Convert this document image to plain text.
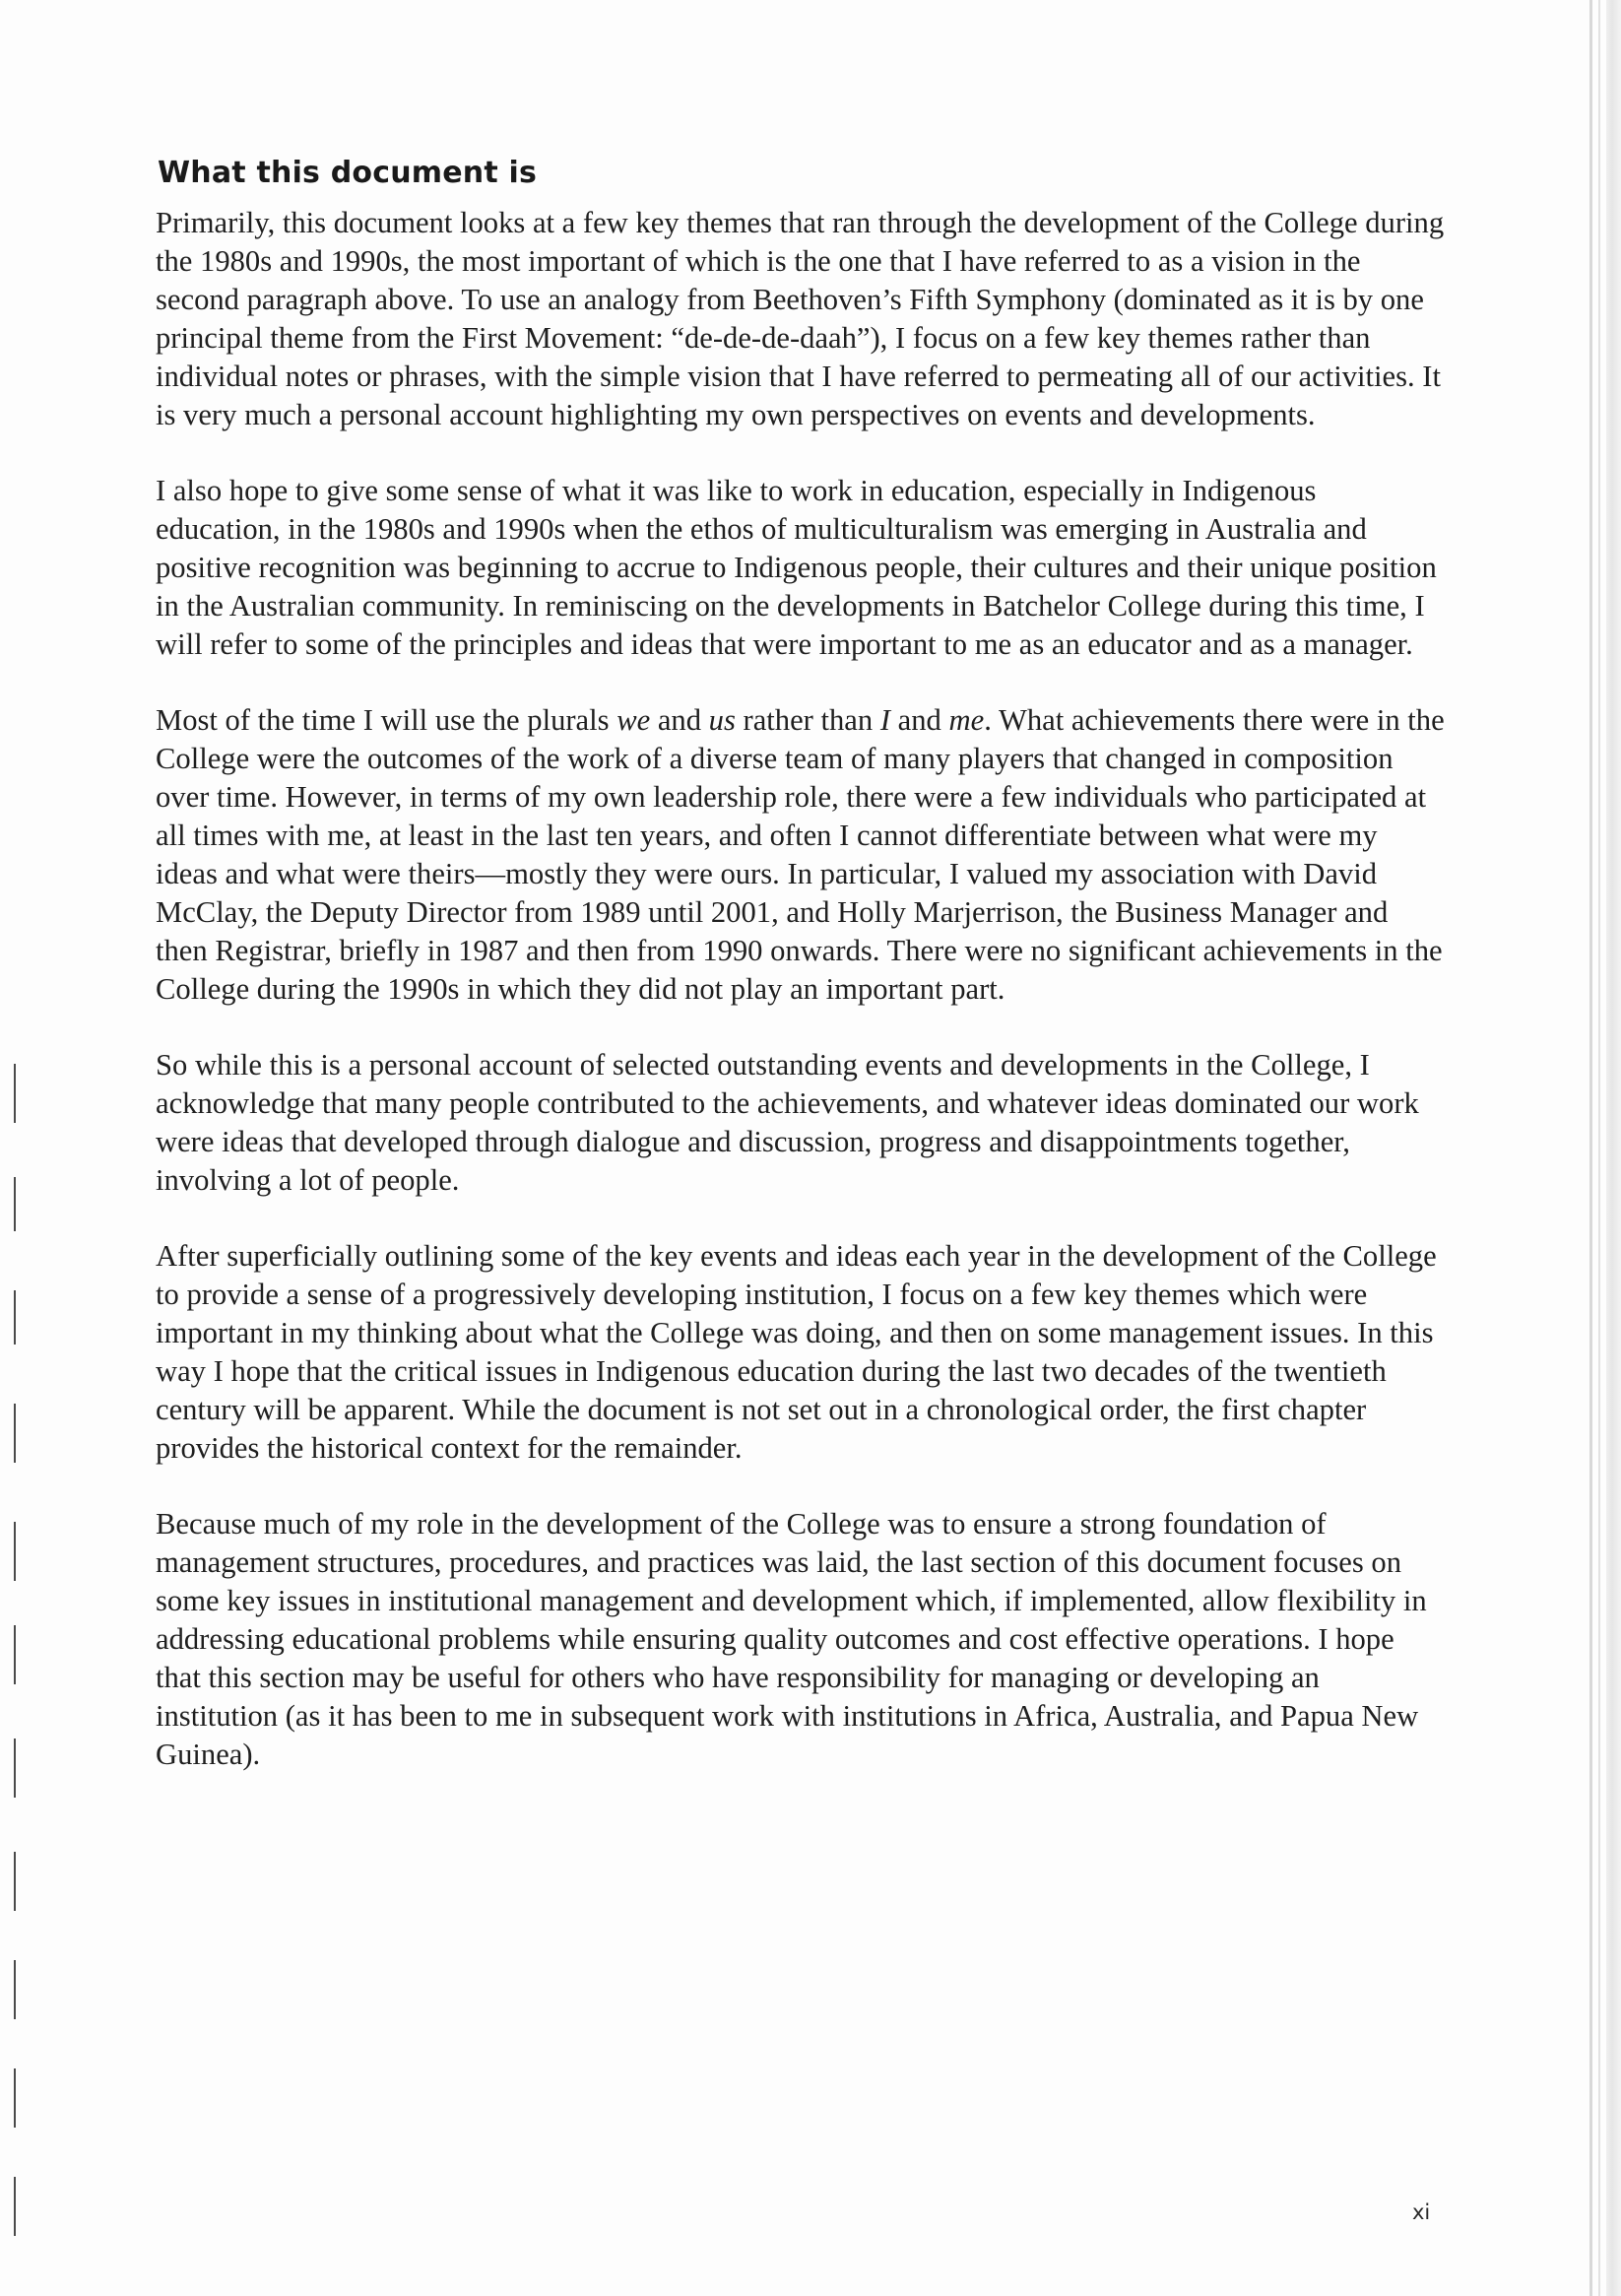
What this document is

Primarily, this document looks at a few key themes that ran through the development of the College during the 1980s and 1990s, the most important of which is the one that I have referred to as a vision in the second paragraph above. To use an analogy from Beethoven’s Fifth Symphony (dominated as it is by one principal theme from the First Movement: “de-de-de-daah”), I focus on a few key themes rather than individual notes or phrases, with the simple vision that I have referred to permeating all of our activities. It is very much a personal account highlighting my own perspectives on events and developments.

I also hope to give some sense of what it was like to work in education, especially in Indigenous education, in the 1980s and 1990s when the ethos of multiculturalism was emerging in Australia and positive recognition was beginning to accrue to Indigenous people, their cultures and their unique position in the Australian community. In reminiscing on the developments in Batchelor College during this time, I will refer to some of the principles and ideas that were important to me as an educator and as a manager.

Most of the time I will use the plurals we and us rather than I and me. What achievements there were in the College were the outcomes of the work of a diverse team of many players that changed in composition over time. However, in terms of my own leadership role, there were a few individuals who participated at all times with me, at least in the last ten years, and often I cannot differentiate between what were my ideas and what were theirs—mostly they were ours. In particular, I valued my association with David McClay, the Deputy Director from 1989 until 2001, and Holly Marjerrison, the Business Manager and then Registrar, briefly in 1987 and then from 1990 onwards. There were no significant achievements in the College during the 1990s in which they did not play an important part.

So while this is a personal account of selected outstanding events and developments in the College, I acknowledge that many people contributed to the achievements, and whatever ideas dominated our work were ideas that developed through dialogue and discussion, progress and disappointments together, involving a lot of people.

After superficially outlining some of the key events and ideas each year in the development of the College to provide a sense of a progressively developing institution, I focus on a few key themes which were important in my thinking about what the College was doing, and then on some management issues. In this way I hope that the critical issues in Indigenous education during the last two decades of the twentieth century will be apparent. While the document is not set out in a chronological order, the first chapter provides the historical context for the remainder.

Because much of my role in the development of the College was to ensure a strong foundation of management structures, procedures, and practices was laid, the last section of this document focuses on some key issues in institutional management and development which, if implemented, allow flexibility in addressing educational problems while ensuring quality outcomes and cost effective operations. I hope that this section may be useful for others who have responsibility for managing or developing an institution (as it has been to me in subsequent work with institutions in Africa, Australia, and Papua New Guinea).

xi
